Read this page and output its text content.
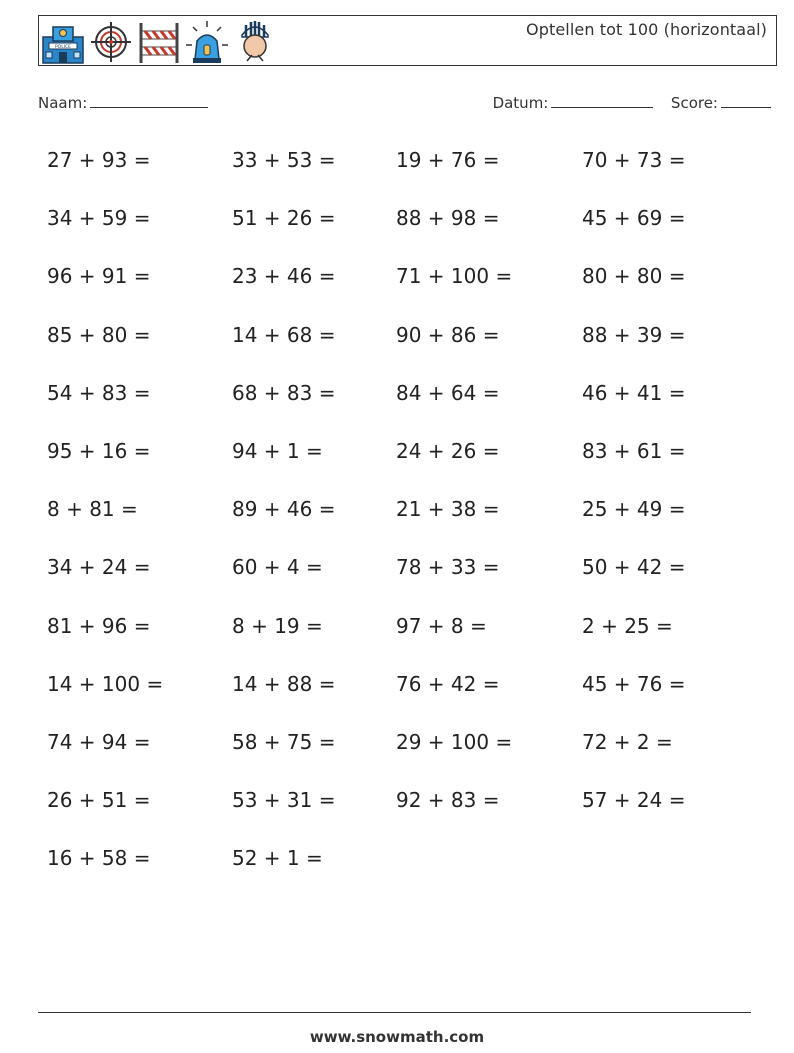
POLICE
Optellen tot 100 (horizontaal)
Naam:	Datum:	Score:
27 + 93 =	33 + 53 =	19 + 76 =	70 + 73 =
34 + 59 =	51 + 26 =	88 + 98 =	45 + 69 =
96 + 91 =	23 + 46 =	71 + 100 =	80 + 80 =
85 + 80 =	14 + 68 =	90 + 86 =	88 + 39 =
54 + 83 =	68 + 83 =	84 + 64 =	46 + 41 =
95 + 16 =	94 + 1 =	24 + 26 =	83 + 61 =
8 + 81 =	89 + 46 =	21 + 38 =	25 + 49 =
34 + 24 =	60 + 4 =	78 + 33 =	50 + 42 =
81 + 96 =	8 + 19 =	97 + 8 =	2 + 25 =
14 + 100 =	14 + 88 =	76 + 42 =	45 + 76 =
74 + 94 =	58 + 75 =	29 + 100 =	72 + 2 =
26 + 51 =	53 + 31 =	92 + 83 =	57 + 24 =
16 + 58 =	52 + 1 =
www.snowmath.com
